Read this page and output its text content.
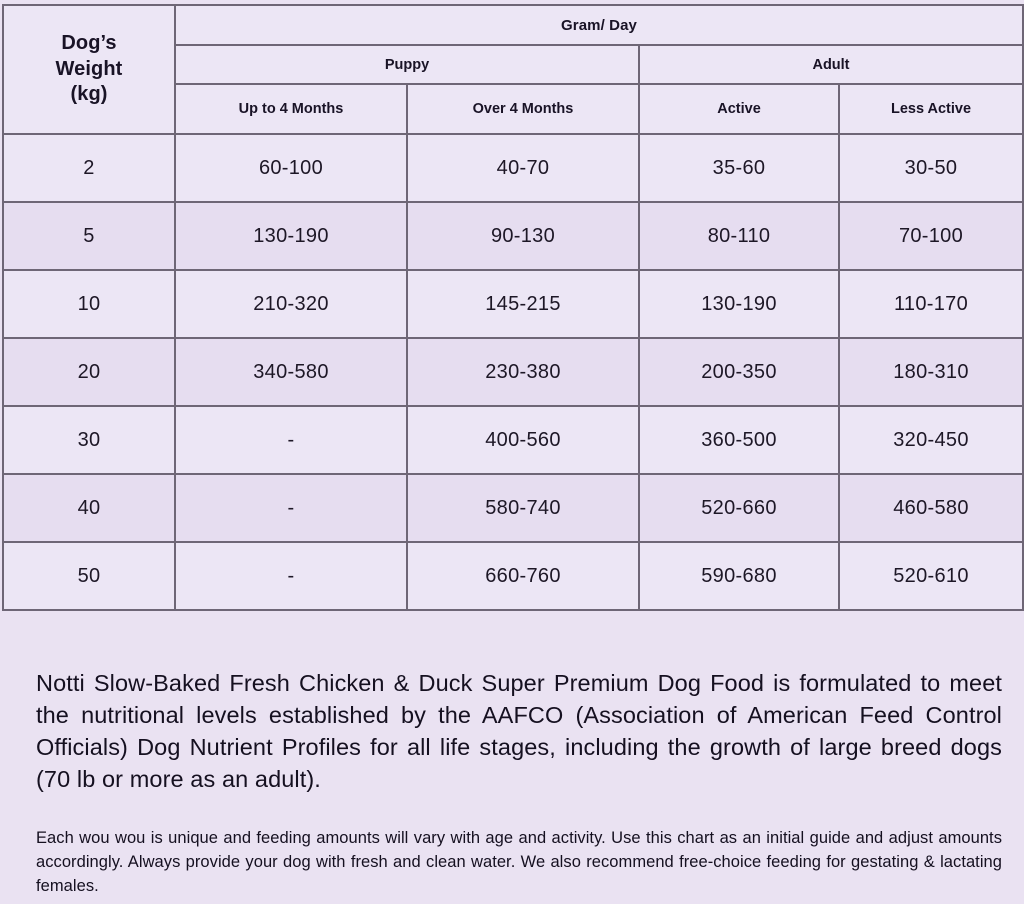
Dog’s
Weight
(kg)	Gram/ Day			
	Puppy		Adult	
	Up to 4 Months	Over 4 Months	Active	Less Active
2	60-100	40-70	35-60	30-50
5	130-190	90-130	80-110	70-100
10	210-320	145-215	130-190	110-170
20	340-580	230-380	200-350	180-310
30	-	400-560	360-500	320-450
40	-	580-740	520-660	460-580
50	-	660-760	590-680	520-610

Notti Slow-Baked Fresh Chicken & Duck Super Premium Dog Food is formulated to meet the nutritional levels established by the AAFCO (Association of American Feed Control Officials) Dog Nutrient Profiles for all life stages, including the growth of large breed dogs (70 lb or more as an adult).

Each wou wou is unique and feeding amounts will vary with age and activity. Use this chart as an initial guide and adjust amounts accordingly. Always provide your dog with fresh and clean water. We also recommend free-choice feeding for gestating & lactating females.
